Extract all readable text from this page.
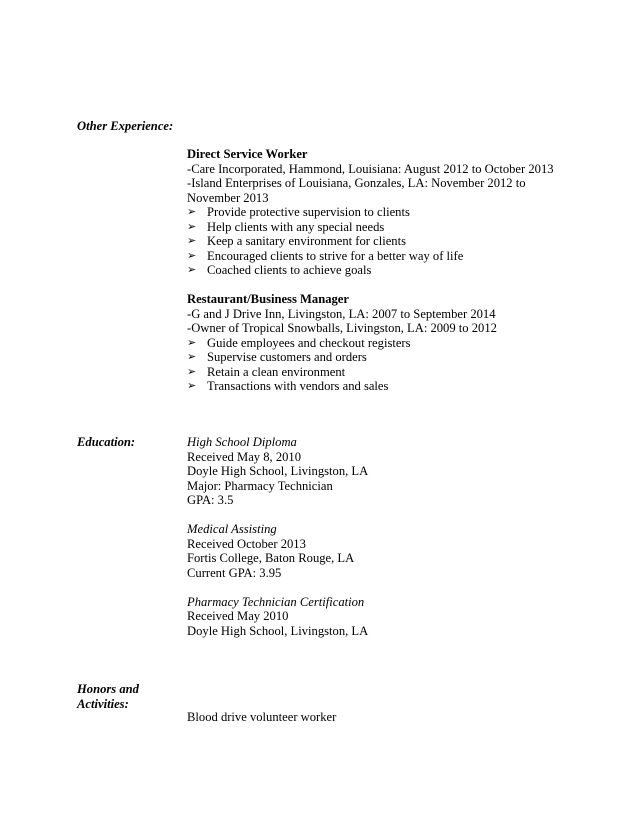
Other Experience:
Direct Service Worker
-Care Incorporated, Hammond, Louisiana: August 2012 to October 2013
-Island Enterprises of Louisiana, Gonzales, LA: November 2012 to November 2013
➢ Provide protective supervision to clients
➢ Help clients with any special needs
➢ Keep a sanitary environment for clients
➢ Encouraged clients to strive for a better way of life
➢ Coached clients to achieve goals
Restaurant/Business Manager
-G and J Drive Inn, Livingston, LA: 2007 to September 2014
-Owner of Tropical Snowballs, Livingston, LA: 2009 to 2012
➢ Guide employees and checkout registers
➢ Supervise customers and orders
➢ Retain a clean environment
➢ Transactions with vendors and sales
Education:	High School Diploma
Received May 8, 2010
Doyle High School, Livingston, LA
Major: Pharmacy Technician
GPA: 3.5
Medical Assisting
Received October 2013
Fortis College, Baton Rouge, LA
Current GPA: 3.95
Pharmacy Technician Certification
Received May 2010
Doyle High School, Livingston, LA
Honors and
Activities:
Blood drive volunteer worker
